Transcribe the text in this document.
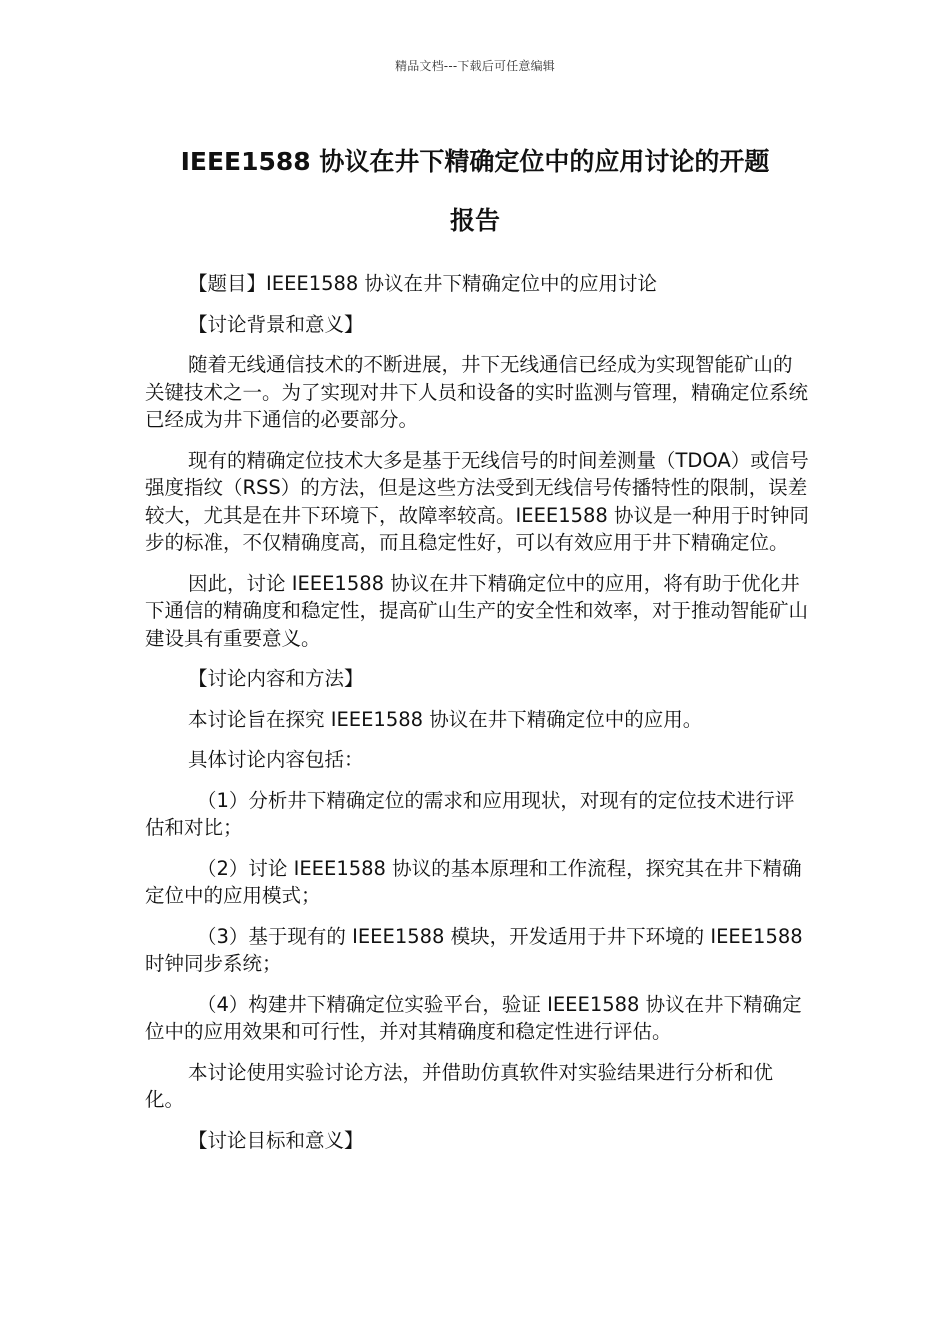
精品文档---下载后可任意编辑
IEEE1588 协议在井下精确定位中的应用讨论的开题
报告

【题目】IEEE1588 协议在井下精确定位中的应用讨论

【讨论背景和意义】

随着无线通信技术的不断进展，井下无线通信已经成为实现智能矿山的关键技术之一。为了实现对井下人员和设备的实时监测与管理，精确定位系统已经成为井下通信的必要部分。

现有的精确定位技术大多是基于无线信号的时间差测量（TDOA）或信号强度指纹（RSS）的方法，但是这些方法受到无线信号传播特性的限制，误差较大，尤其是在井下环境下，故障率较高。IEEE1588 协议是一种用于时钟同步的标准，不仅精确度高，而且稳定性好，可以有效应用于井下精确定位。

因此，讨论 IEEE1588 协议在井下精确定位中的应用，将有助于优化井下通信的精确度和稳定性，提高矿山生产的安全性和效率，对于推动智能矿山建设具有重要意义。

【讨论内容和方法】

本讨论旨在探究 IEEE1588 协议在井下精确定位中的应用。

具体讨论内容包括：

（1）分析井下精确定位的需求和应用现状，对现有的定位技术进行评估和对比；

（2）讨论 IEEE1588 协议的基本原理和工作流程，探究其在井下精确定位中的应用模式；

（3）基于现有的 IEEE1588 模块，开发适用于井下环境的 IEEE1588 时钟同步系统；

（4）构建井下精确定位实验平台，验证 IEEE1588 协议在井下精确定位中的应用效果和可行性，并对其精确度和稳定性进行评估。

本讨论使用实验讨论方法，并借助仿真软件对实验结果进行分析和优化。

【讨论目标和意义】
